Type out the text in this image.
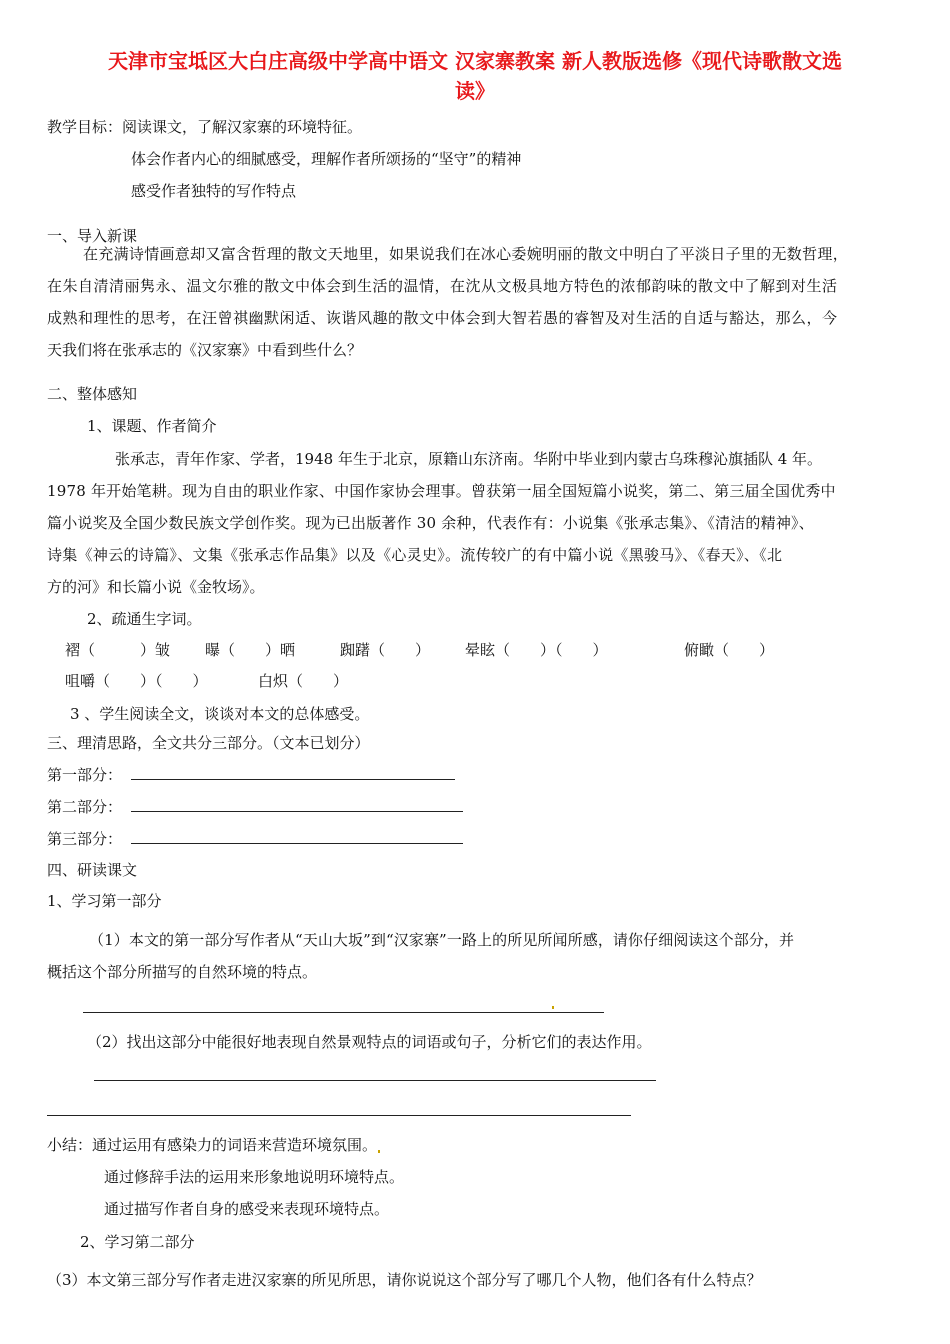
天津市宝坻区大白庄高级中学高中语文 汉家寨教案 新人教版选修《现代诗歌散文选
读》
教学目标：阅读课文，了解汉家寨的环境特征。
体会作者内心的细腻感受，理解作者所颂扬的“坚守”的精神
感受作者独特的写作特点
一、导入新课
在充满诗情画意却又富含哲理的散文天地里，如果说我们在冰心委婉明丽的散文中明白了平淡日子里的无数哲理，
在朱自清清丽隽永、温文尔雅的散文中体会到生活的温情，在沈从文极具地方特色的浓郁韵味的散文中了解到对生活
成熟和理性的思考，在汪曾祺幽默闲适、诙谐风趣的散文中体会到大智若愚的睿智及对生活的自适与豁达，那么，今
天我们将在张承志的《汉家寨》中看到些什么？
二、整体感知
1、课题、作者简介
张承志，青年作家、学者，1948 年生于北京，原籍山东济南。华附中毕业到内蒙古乌珠穆沁旗插队 4 年。
1978 年开始笔耕。现为自由的职业作家、中国作家协会理事。曾获第一届全国短篇小说奖，第二、第三届全国优秀中
篇小说奖及全国少数民族文学创作奖。现为已出版著作 30 余种，代表作有：小说集《张承志集》、《清洁的精神》、
诗集《神云的诗篇》、文集《张承志作品集》以及《心灵史》。流传较广的有中篇小说《黑骏马》、《春天》、《北
方的河》和长篇小说《金牧场》。
2、疏通生字词。
褶（　　　）皱 曝（　　）晒	踟躇（　　） 晕眩（　　）（　　）	俯瞰（　　）
咀嚼（　　）（　　）	白炽（　　）
3 、学生阅读全文，谈谈对本文的总体感受。
三、理清思路，全文共分三部分。（文本已划分）
第一部分：
第二部分：
第三部分：
四、研读课文
1、学习第一部分
（1）本文的第一部分写作者从“天山大坂”到“汉家寨”一路上的所见所闻所感，请你仔细阅读这个部分，并
概括这个部分所描写的自然环境的特点。
（2）找出这部分中能很好地表现自然景观特点的词语或句子，分析它们的表达作用。
小结：通过运用有感染力的词语来营造环境氛围。
通过修辞手法的运用来形象地说明环境特点。
通过描写作者自身的感受来表现环境特点。
2、学习第二部分
（3）本文第三部分写作者走进汉家寨的所见所思，请你说说这个部分写了哪几个人物，他们各有什么特点？
